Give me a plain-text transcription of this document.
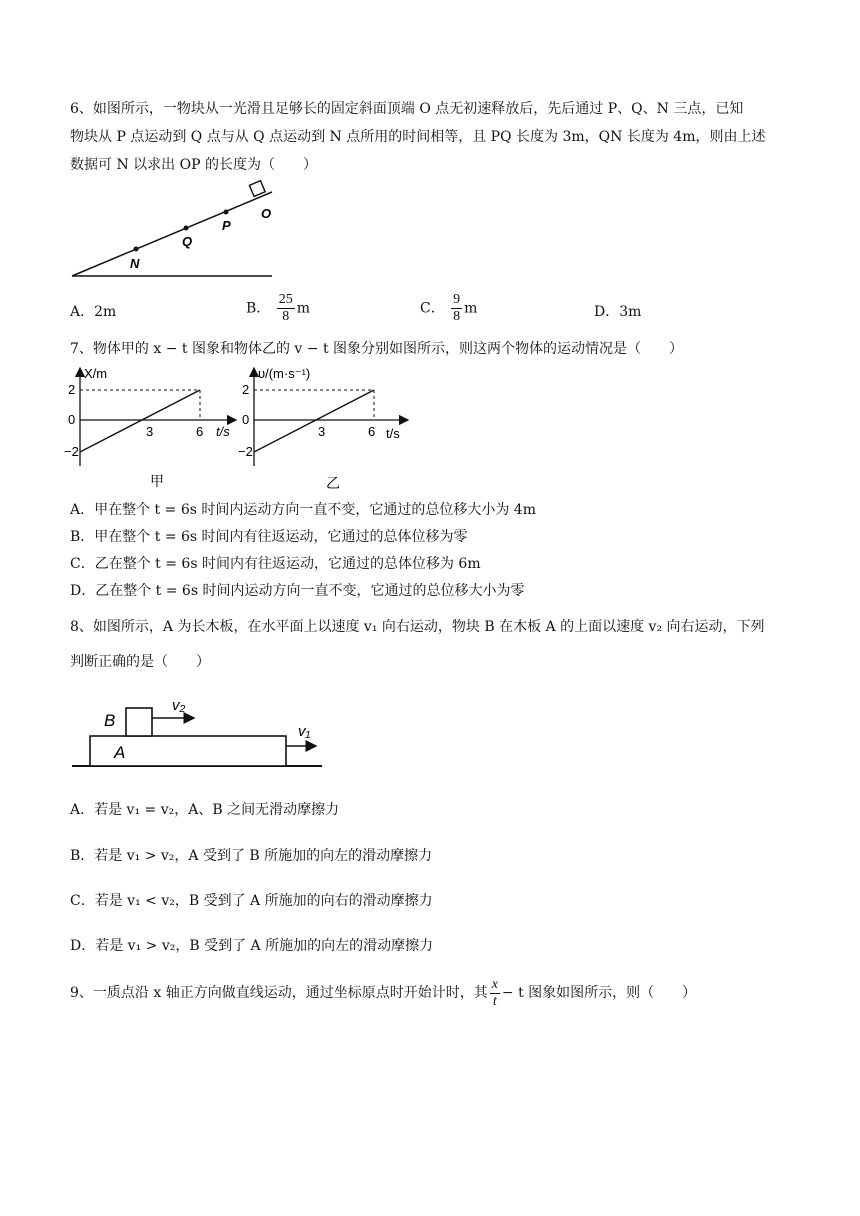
6、如图所示，一物块从一光滑且足够长的固定斜面顶端 O 点无初速释放后，先后通过 P、Q、N 三点，已知
物块从 P 点运动到 Q 点与从 Q 点运动到 N 点所用的时间相等，且 PQ 长度为 3m，QN 长度为 4m，则由上述
数据可 N 以求出 OP 的长度为（　　）
N
Q
P
O
A．2m	B． $\frac{25}{8}$ m	C． $\frac{9}{8}$ m	D．3m
7、物体甲的 x − t 图象和物体乙的 v − t 图象分别如图所示，则这两个物体的运动情况是（　　）
X/m
2
0
−2
3	6 t/s
甲
υ/(m·s⁻¹)
2
0
−2
3	6 t/s
乙
A．甲在整个 t = 6s 时间内运动方向一直不变，它通过的总位移大小为 4m
B．甲在整个 t = 6s 时间内有往返运动，它通过的总体位移为零
C．乙在整个 t = 6s 时间内有往返运动，它通过的总体位移为 6m
D．乙在整个 t = 6s 时间内运动方向一直不变，它通过的总位移大小为零
8、如图所示，A 为长木板，在水平面上以速度 v₁ 向右运动，物块 B 在木板 A 的上面以速度 v₂ 向右运动，下列
判断正确的是（　　）
B
A
v₂
v₁
A．若是 v₁ = v₂，A、B 之间无滑动摩擦力
B．若是 v₁ > v₂，A 受到了 B 所施加的向左的滑动摩擦力
C．若是 v₁ < v₂，B 受到了 A 所施加的向右的滑动摩擦力
D．若是 v₁ > v₂，B 受到了 A 所施加的向左的滑动摩擦力
9、一质点沿 x 轴正方向做直线运动，通过坐标原点时开始计时，其 $\frac{x}{t} - t$ 图象如图所示，则（　　）
